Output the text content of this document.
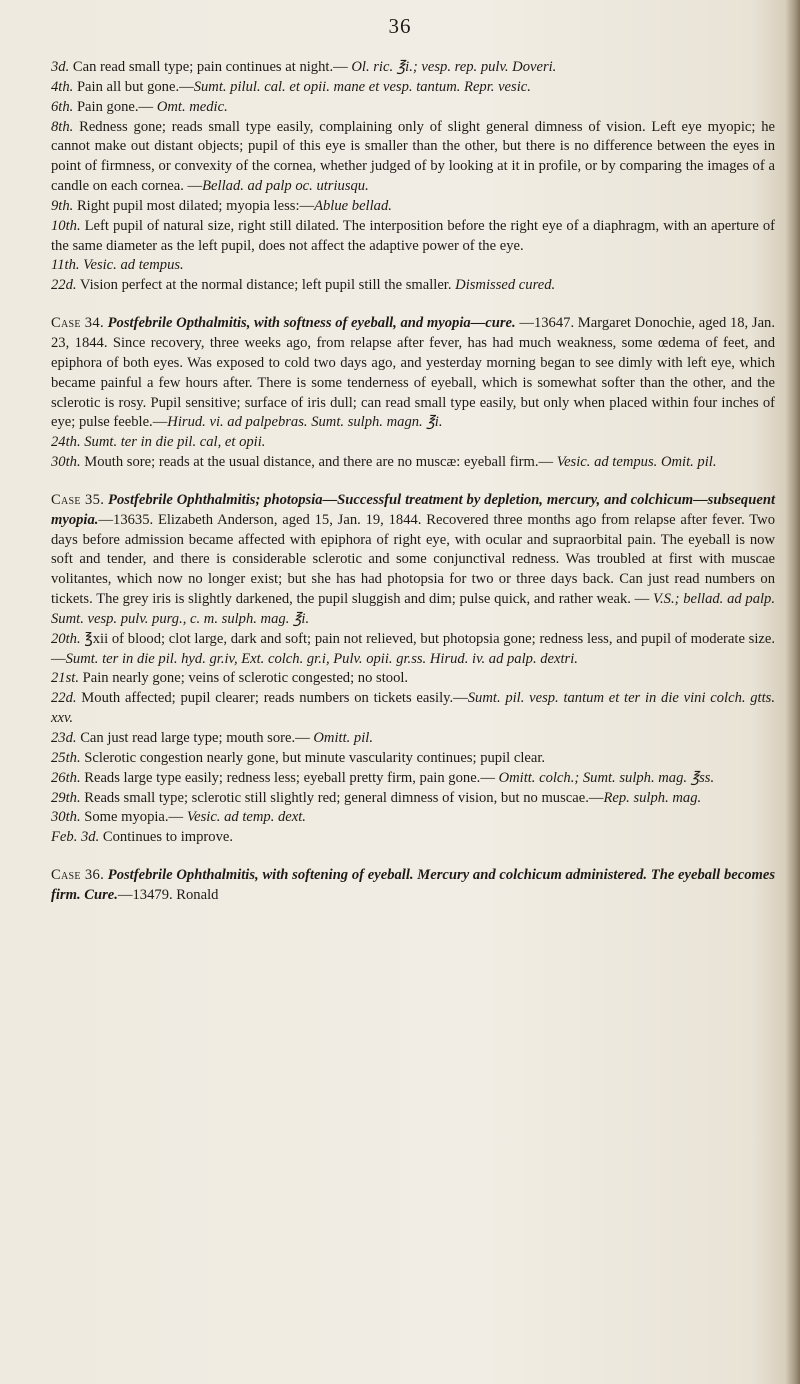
36

3d. Can read small type; pain continues at night.— Ol. ric. ℥i.; vesp. rep. pulv. Doveri.

4th. Pain all but gone.—Sumt. pilul. cal. et opii. mane et vesp. tantum. Repr. vesic.

6th. Pain gone.— Omt. medic.

8th. Redness gone; reads small type easily, complaining only of slight general dimness of vision. Left eye myopic; he cannot make out distant objects; pupil of this eye is smaller than the other, but there is no difference between the eyes in point of firmness, or convexity of the cornea, whether judged of by looking at it in profile, or by comparing the images of a candle on each cornea. —Bellad. ad palp oc. utriusqu.

9th. Right pupil most dilated; myopia less:—Ablue bellad.

10th. Left pupil of natural size, right still dilated. The interposition before the right eye of a diaphragm, with an aperture of the same diameter as the left pupil, does not affect the adaptive power of the eye.

11th. Vesic. ad tempus.

22d. Vision perfect at the normal distance; left pupil still the smaller. Dismissed cured.

Case 34. Postfebrile Opthalmitis, with softness of eyeball, and myopia—cure. —13647. Margaret Donochie, aged 18, Jan. 23, 1844. Since recovery, three weeks ago, from relapse after fever, has had much weakness, some œdema of feet, and epiphora of both eyes. Was exposed to cold two days ago, and yesterday morning began to see dimly with left eye, which became painful a few hours after. There is some tenderness of eyeball, which is somewhat softer than the other, and the sclerotic is rosy. Pupil sensitive; surface of iris dull; can read small type easily, but only when placed within four inches of eye; pulse feeble.—Hirud. vi. ad palpebras. Sumt. sulph. magn. ℥i.

24th. Sumt. ter in die pil. cal, et opii.

30th. Mouth sore; reads at the usual distance, and there are no muscæ: eyeball firm.— Vesic. ad tempus. Omit. pil.

Case 35. Postfebrile Ophthalmitis; photopsia—Successful treatment by depletion, mercury, and colchicum—subsequent myopia.—13635. Elizabeth Anderson, aged 15, Jan. 19, 1844. Recovered three months ago from relapse after fever. Two days before admission became affected with epiphora of right eye, with ocular and supraorbital pain. The eyeball is now soft and tender, and there is considerable sclerotic and some conjunctival redness. Was troubled at first with muscae volitantes, which now no longer exist; but she has had photopsia for two or three days back. Can just read numbers on tickets. The grey iris is slightly darkened, the pupil sluggish and dim; pulse quick, and rather weak. — V.S.; bellad. ad palp. Sumt. vesp. pulv. purg., c. m. sulph. mag. ℥i.

20th. ℥xii of blood; clot large, dark and soft; pain not relieved, but photopsia gone; redness less, and pupil of moderate size.—Sumt. ter in die pil. hyd. gr.iv, Ext. colch. gr.i, Pulv. opii. gr.ss. Hirud. iv. ad palp. dextri.

21st. Pain nearly gone; veins of sclerotic congested; no stool.

22d. Mouth affected; pupil clearer; reads numbers on tickets easily.—Sumt. pil. vesp. tantum et ter in die vini colch. gtts. xxv.

23d. Can just read large type; mouth sore.— Omitt. pil.

25th. Sclerotic congestion nearly gone, but minute vascularity continues; pupil clear.

26th. Reads large type easily; redness less; eyeball pretty firm, pain gone.— Omitt. colch.; Sumt. sulph. mag. ℥ss.

29th. Reads small type; sclerotic still slightly red; general dimness of vision, but no muscae.—Rep. sulph. mag.

30th. Some myopia.— Vesic. ad temp. dext.

Feb. 3d. Continues to improve.

Case 36. Postfebrile Ophthalmitis, with softening of eyeball. Mercury and colchicum administered. The eyeball becomes firm. Cure.—13479. Ronald
